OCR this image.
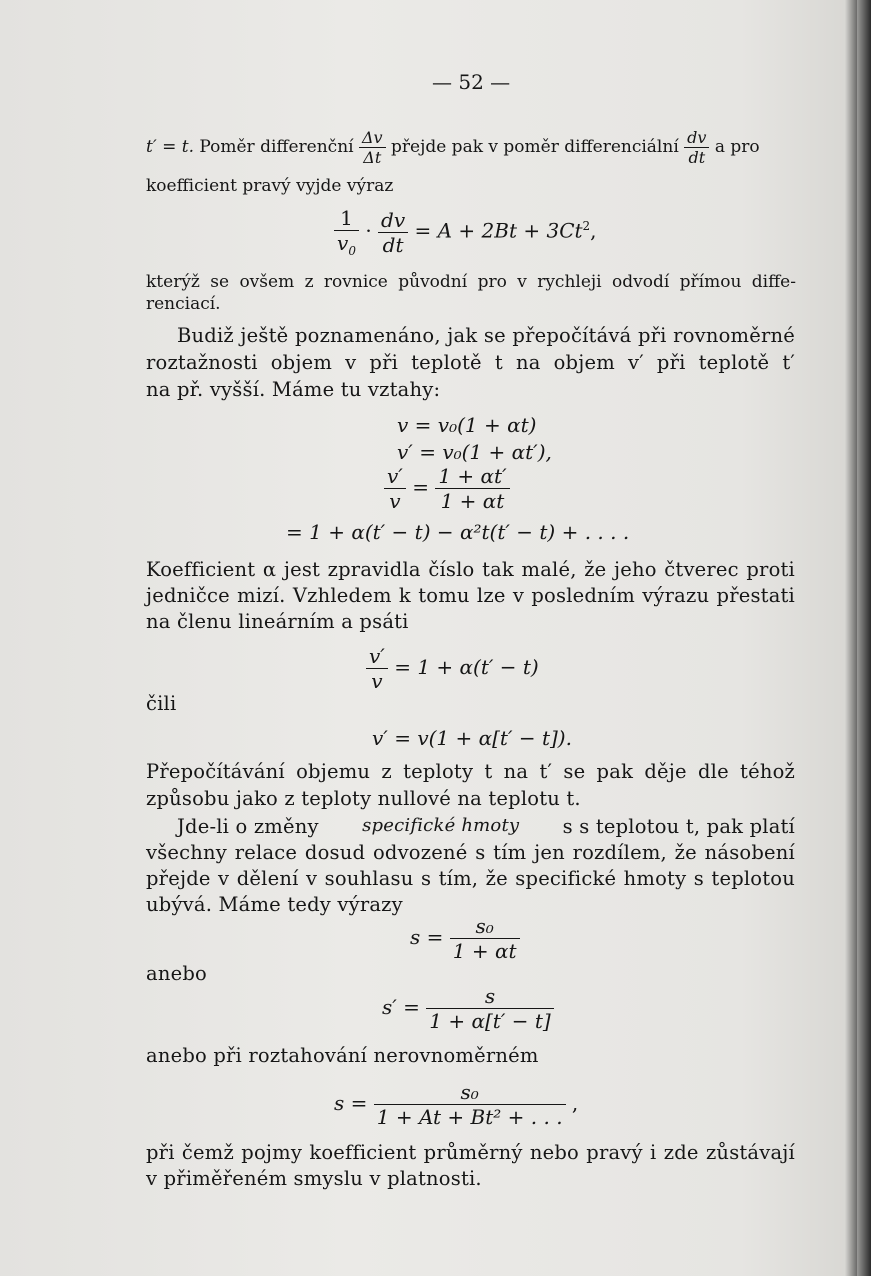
— 52 —
t′ = t. Poměr differenční $\frac{\Delta v}{\Delta t}$ přejde pak v poměr differenciální $\frac{dv}{dt}$ a pro
koefficient pravý vyjde výraz
$\frac{1}{v_0} \cdot \frac{dv}{dt} = A + 2Bt + 3Ct^2$,
kterýž se ovšem z rovnice původní pro v rychleji odvodí přímou diffe-
renciací.
Budiž ještě poznamenáno, jak se přepočítává při rovnoměrné
roztažnosti objem v při teplotě t na objem v′ při teplotě t′
na př. vyšší. Máme tu vztahy:
v = v₀(1 + αt)
v′ = v₀(1 + αt′),
$\frac{v'}{v} = \frac{1 + \alpha t'}{1 + \alpha t}$
= 1 + α(t′ − t) − α²t(t′ − t) + . . . .
Koefficient α jest zpravidla číslo tak malé, že jeho čtverec proti
jedničce mizí. Vzhledem k tomu lze v posledním výrazu přestati
na členu lineárním a psáti
$\frac{v'}{v} = 1 + \alpha(t' - t)$
čili
v′ = v(1 + α[t′ − t]).
Přepočítávání objemu z teploty t na t′ se pak děje dle téhož
způsobu jako z teploty nullové na teplotu t.
Jde-li o změny specifické hmoty s s teplotou t, pak platí
všechny relace dosud odvozené s tím jen rozdílem, že násobení
přejde v dělení v souhlasu s tím, že specifické hmoty s teplotou
ubývá. Máme tedy výrazy
$s = \frac{\text{s₀}}{1 + \alpha t}$
anebo
$s' = \frac{s}{1 + \alpha[t' - t]}$
anebo při roztahování nerovnoměrném
$s = \frac{\text{s₀}}{\text{1 + At + Bt² + . . .}}$ ,
při čemž pojmy koefficient průměrný nebo pravý i zde zůstávají
v přiměřeném smyslu v platnosti.
